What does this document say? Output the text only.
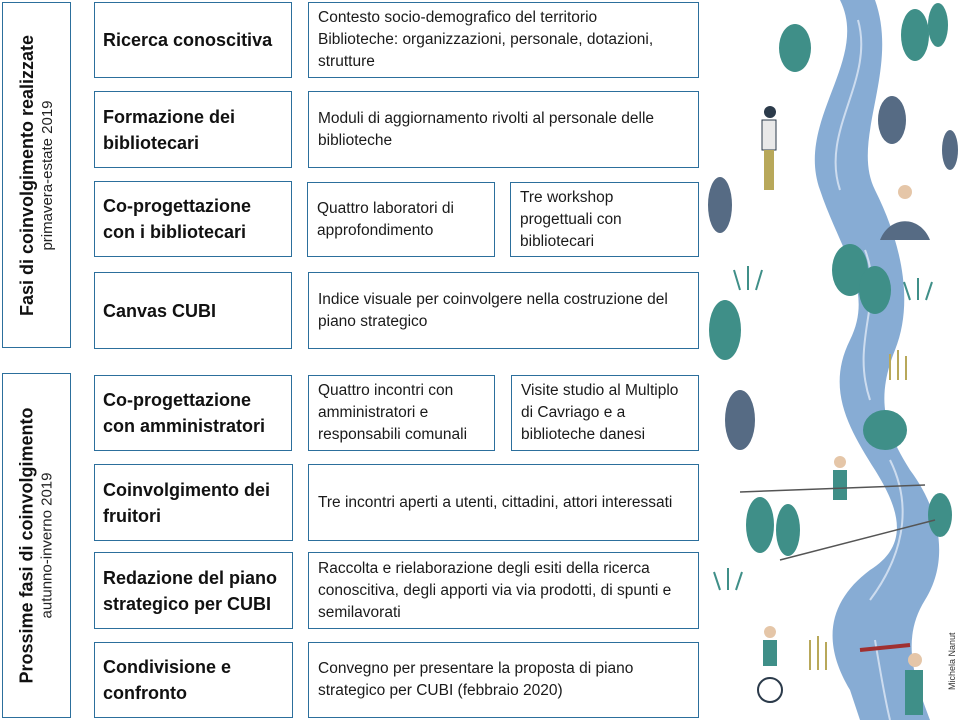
Fasi di coinvolgimento realizzate primavera-estate 2019
Prossime fasi di coinvolgimento autunno-inverno 2019
Ricerca conoscitiva
Contesto socio-demografico del territorio
Biblioteche: organizzazioni, personale, dotazioni, strutture
Formazione dei bibliotecari
Moduli di aggiornamento rivolti al personale delle biblioteche
Co-progettazione con i bibliotecari
Quattro laboratori di approfondimento
Tre workshop progettuali con bibliotecari
Canvas CUBI
Indice visuale per coinvolgere nella costruzione del piano strategico
Co-progettazione con amministratori
Quattro incontri con amministratori e responsabili comunali
Visite studio al Multiplo di Cavriago e a biblioteche danesi
Coinvolgimento dei fruitori
Tre incontri aperti a utenti, cittadini, attori interessati
Redazione del piano strategico per CUBI
Raccolta e rielaborazione degli esiti della ricerca conoscitiva, degli apporti via via prodotti, di spunti e semilavorati
Condivisione e confronto
Convegno per presentare la proposta di piano strategico per CUBI (febbraio 2020)
Michela Nanut
